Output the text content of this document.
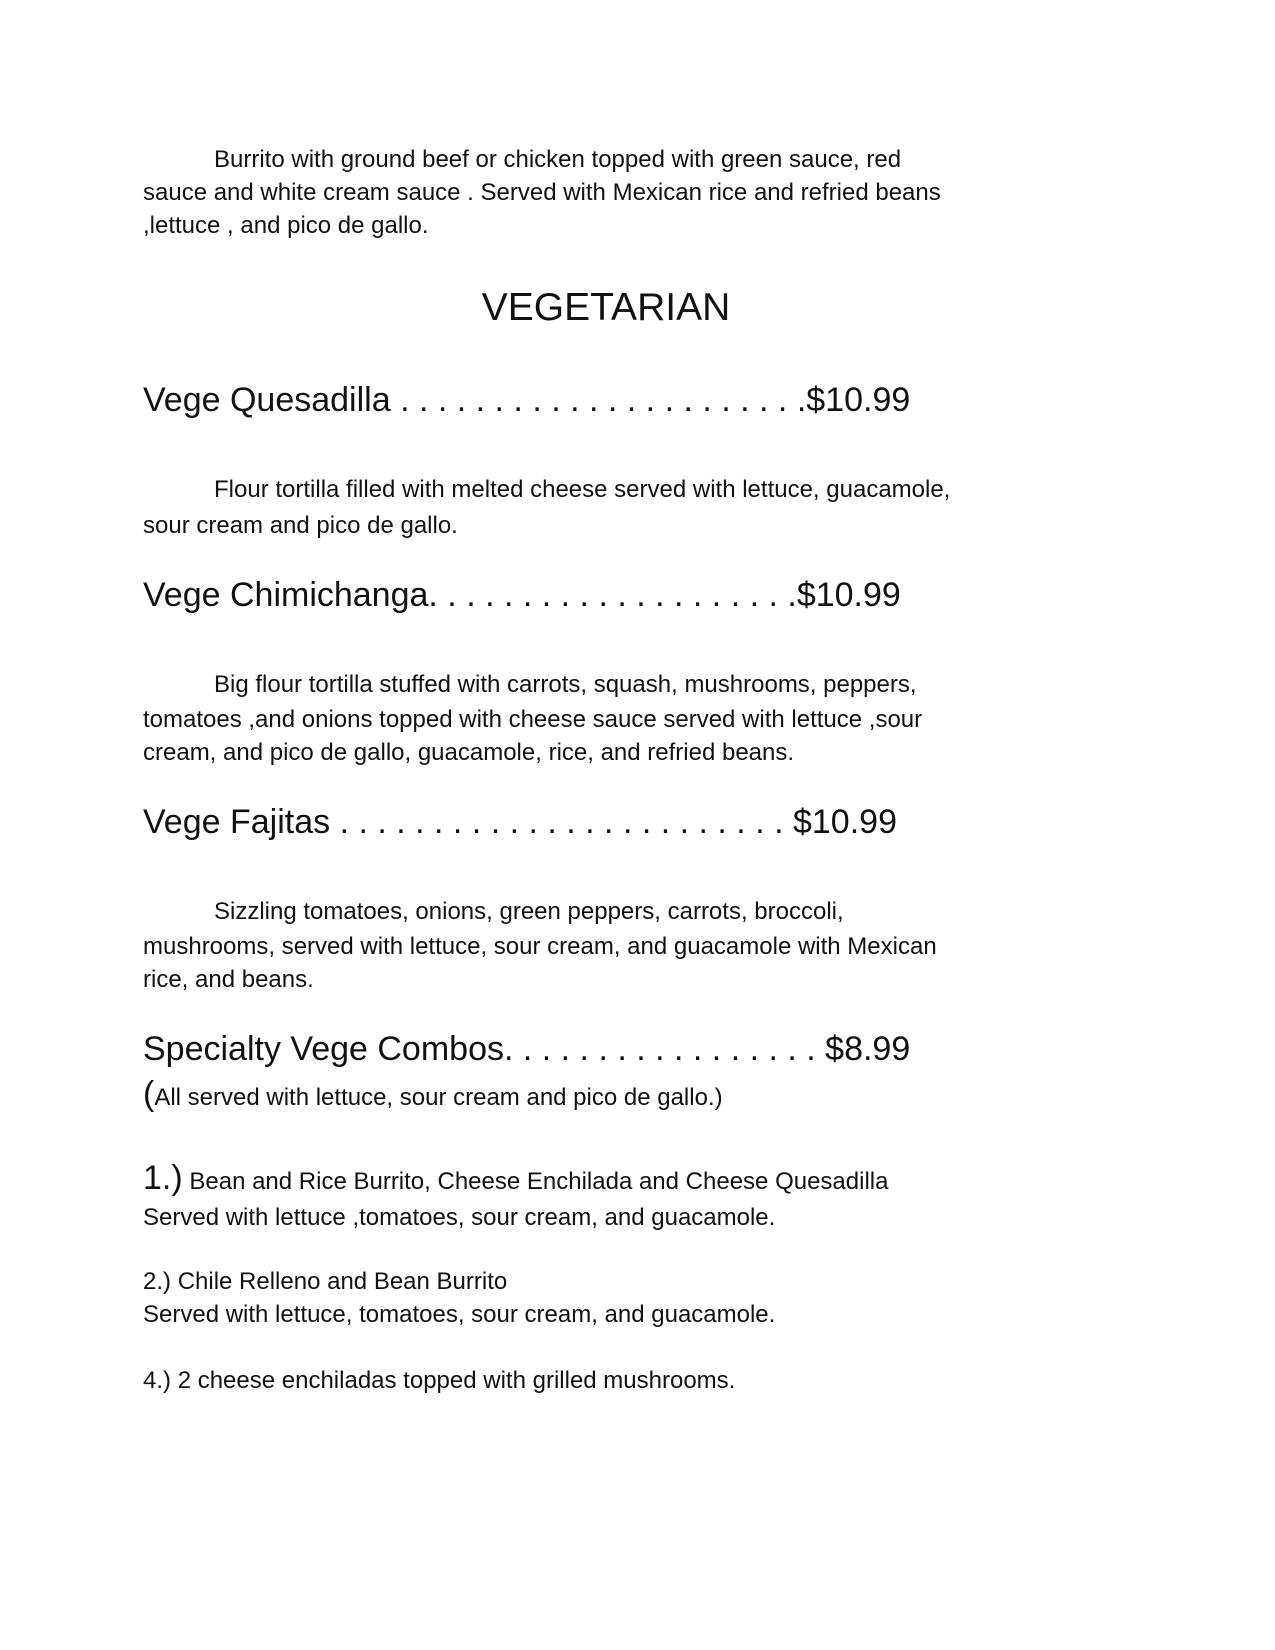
Burrito with ground beef or chicken topped with green sauce, red
sauce and white cream sauce . Served with Mexican rice and refried beans
,lettuce , and pico de gallo.
VEGETARIAN
Vege Quesadilla . . . . . . . . . . . . . . . . . . . . . .$10.99
Flour tortilla filled with melted cheese served with lettuce, guacamole,
sour cream and pico de gallo.
Vege Chimichanga. . . . . . . . . . . . . . . . . . . .$10.99
Big flour tortilla stuffed with carrots, squash, mushrooms, peppers,
tomatoes ,and onions topped with cheese sauce served with lettuce ,sour
cream, and pico de gallo, guacamole, rice, and refried beans.
Vege Fajitas . . . . . . . . . . . . . . . . . . . . . . . . $10.99
Sizzling tomatoes, onions, green peppers, carrots, broccoli,
mushrooms, served with lettuce, sour cream, and guacamole with Mexican
rice, and beans.
Specialty Vege Combos. . . . . . . . . . . . . . . . . $8.99
(All served with lettuce, sour cream and pico de gallo.)
1.) Bean and Rice Burrito, Cheese Enchilada and Cheese Quesadilla
Served with lettuce ,tomatoes, sour cream, and guacamole.
2.) Chile Relleno and Bean Burrito
Served with lettuce, tomatoes, sour cream, and guacamole.
4.) 2 cheese enchiladas topped with grilled mushrooms.
